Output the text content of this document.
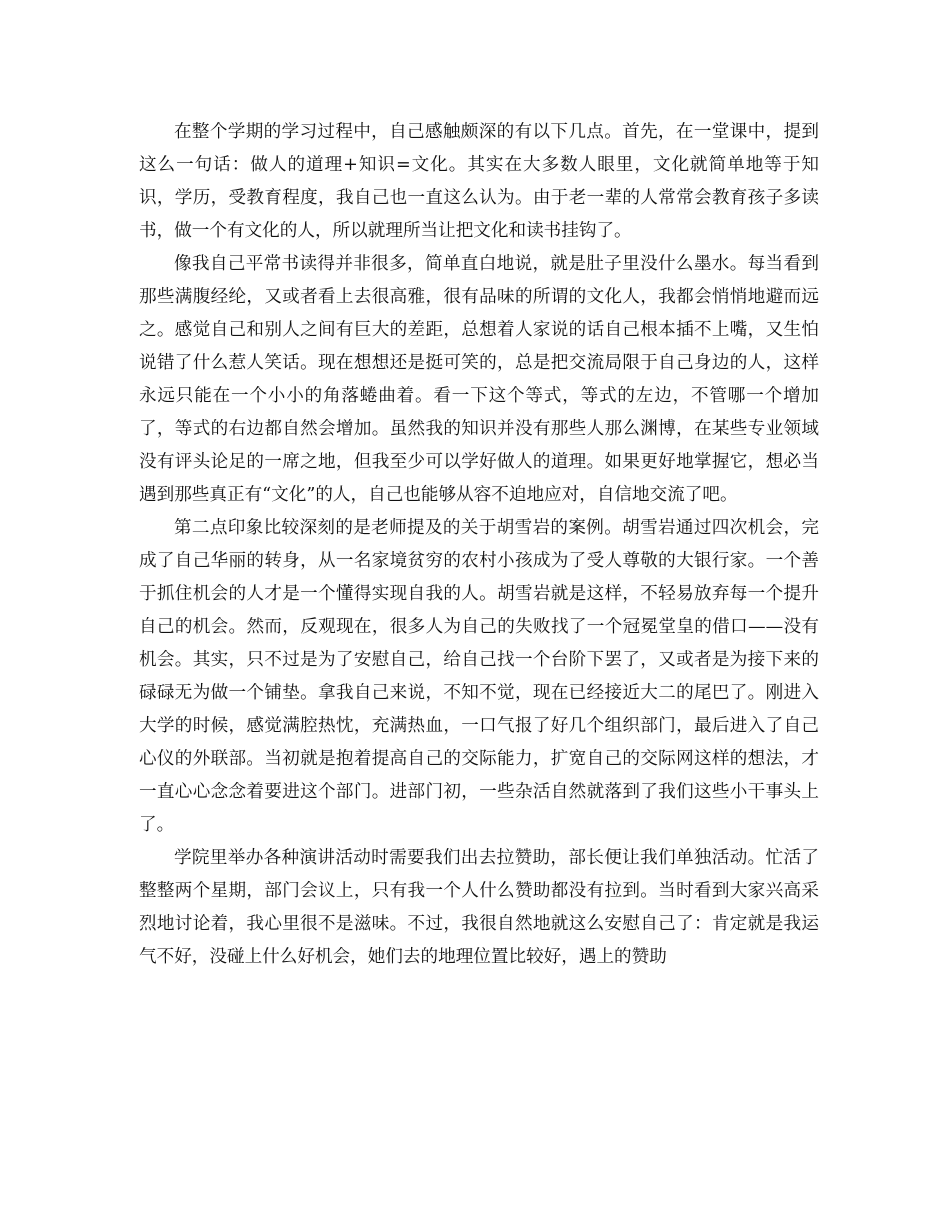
在整个学期的学习过程中，自己感触颇深的有以下几点。首先，在一堂课中，提到这么一句话：做人的道理+知识=文化。其实在大多数人眼里，文化就简单地等于知识，学历，受教育程度，我自己也一直这么认为。由于老一辈的人常常会教育孩子多读书，做一个有文化的人，所以就理所当让把文化和读书挂钩了。

像我自己平常书读得并非很多，简单直白地说，就是肚子里没什么墨水。每当看到那些满腹经纶，又或者看上去很高雅，很有品味的所谓的文化人，我都会悄悄地避而远之。感觉自己和别人之间有巨大的差距，总想着人家说的话自己根本插不上嘴，又生怕说错了什么惹人笑话。现在想想还是挺可笑的，总是把交流局限于自己身边的人，这样永远只能在一个小小的角落蜷曲着。看一下这个等式，等式的左边，不管哪一个增加了，等式的右边都自然会增加。虽然我的知识并没有那些人那么渊博，在某些专业领域没有评头论足的一席之地，但我至少可以学好做人的道理。如果更好地掌握它，想必当遇到那些真正有“文化”的人，自己也能够从容不迫地应对，自信地交流了吧。

第二点印象比较深刻的是老师提及的关于胡雪岩的案例。胡雪岩通过四次机会，完成了自己华丽的转身，从一名家境贫穷的农村小孩成为了受人尊敬的大银行家。一个善于抓住机会的人才是一个懂得实现自我的人。胡雪岩就是这样，不轻易放弃每一个提升自己的机会。然而，反观现在，很多人为自己的失败找了一个冠冕堂皇的借口——没有机会。其实，只不过是为了安慰自己，给自己找一个台阶下罢了，又或者是为接下来的碌碌无为做一个铺垫。拿我自己来说，不知不觉，现在已经接近大二的尾巴了。刚进入大学的时候，感觉满腔热忱，充满热血，一口气报了好几个组织部门，最后进入了自己心仪的外联部。当初就是抱着提高自己的交际能力，扩宽自己的交际网这样的想法，才一直心心念念着要进这个部门。进部门初，一些杂活自然就落到了我们这些小干事头上了。

学院里举办各种演讲活动时需要我们出去拉赞助，部长便让我们单独活动。忙活了整整两个星期，部门会议上，只有我一个人什么赞助都没有拉到。当时看到大家兴高采烈地讨论着，我心里很不是滋味。不过，我很自然地就这么安慰自己了：肯定就是我运气不好，没碰上什么好机会，她们去的地理位置比较好，遇上的赞助
